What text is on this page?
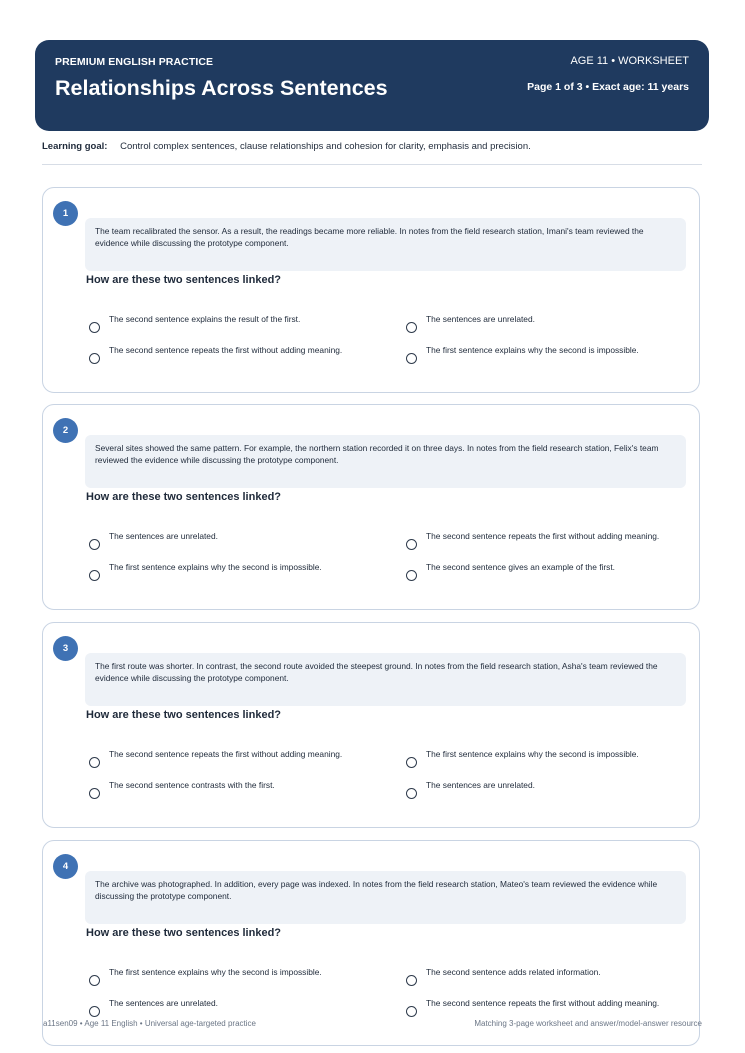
PREMIUM ENGLISH PRACTICE
Relationships Across Sentences
AGE 11 • WORKSHEET
Page 1 of 3 • Exact age: 11 years
Learning goal: Control complex sentences, clause relationships and cohesion for clarity, emphasis and precision.
1
The team recalibrated the sensor. As a result, the readings became more reliable. In notes from the field research station, Imani's team reviewed the evidence while discussing the prototype component.
How are these two sentences linked?
The second sentence explains the result of the first.	The sentences are unrelated.
The second sentence repeats the first without adding meaning.	The first sentence explains why the second is impossible.
2
Several sites showed the same pattern. For example, the northern station recorded it on three days. In notes from the field research station, Felix's team reviewed the evidence while discussing the prototype component.
How are these two sentences linked?
The sentences are unrelated.	The second sentence repeats the first without adding meaning.
The first sentence explains why the second is impossible.	The second sentence gives an example of the first.
3
The first route was shorter. In contrast, the second route avoided the steepest ground. In notes from the field research station, Asha's team reviewed the evidence while discussing the prototype component.
How are these two sentences linked?
The second sentence repeats the first without adding meaning.	The first sentence explains why the second is impossible.
The second sentence contrasts with the first.	The sentences are unrelated.
4
The archive was photographed. In addition, every page was indexed. In notes from the field research station, Mateo's team reviewed the evidence while discussing the prototype component.
How are these two sentences linked?
The first sentence explains why the second is impossible.	The second sentence adds related information.
The sentences are unrelated.	The second sentence repeats the first without adding meaning.
a11sen09 • Age 11 English • Universal age-targeted practice	Matching 3-page worksheet and answer/model-answer resource
